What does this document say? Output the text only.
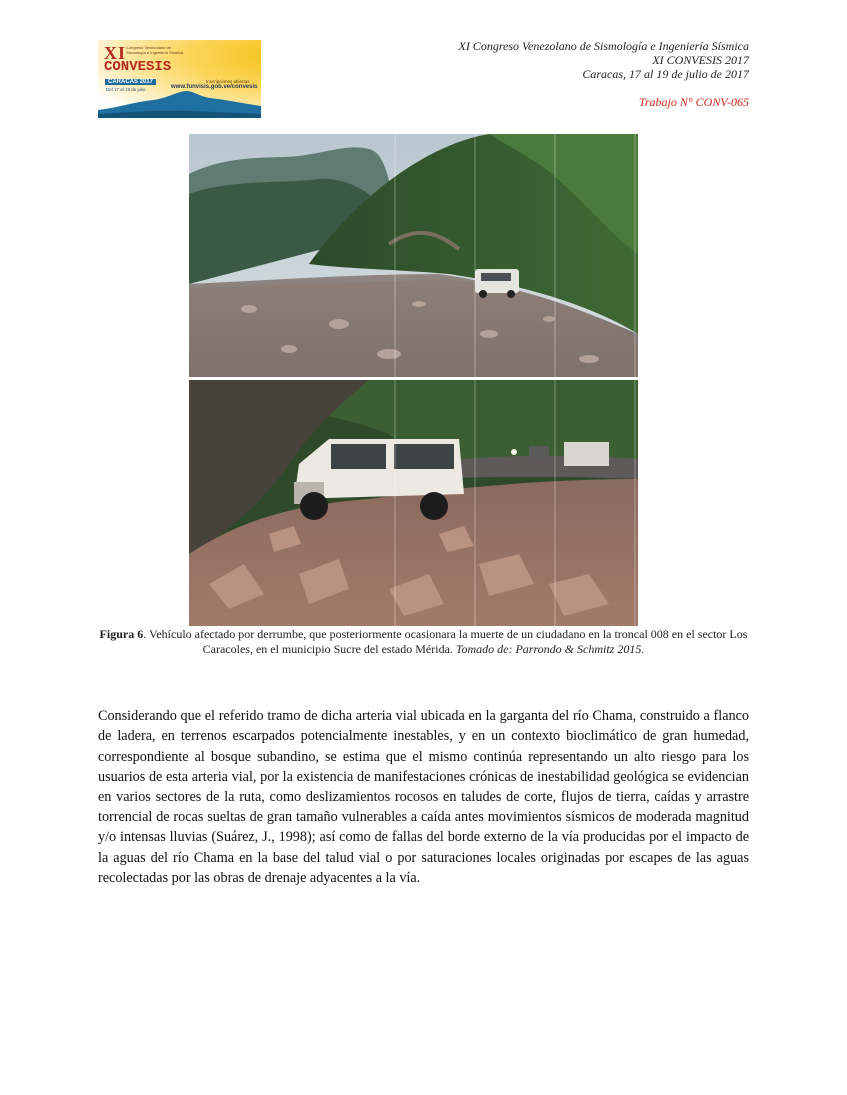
XI Congreso Venezolano de Sismología e Ingeniería Sísmica
CONVESIS
CARACAS 2017
Del 17 al 19 de julio
Inscripciones abiertas
www.funvisis.gob.ve/convesis
XI Congreso Venezolano de Sismología e Ingeniería Sísmica
XI CONVESIS 2017
Caracas, 17 al 19 de julio de 2017
Trabajo N° CONV-065
Figura 6. Vehículo afectado por derrumbe, que posteriormente ocasionara la muerte de un ciudadano en la troncal 008 en el sector Los Caracoles, en el municipio Sucre del estado Mérida. Tomado de: Parrondo & Schmitz 2015.

Considerando que el referido tramo de dicha arteria vial ubicada en la garganta del río Chama, construido a flanco de ladera, en terrenos escarpados potencialmente inestables, y en un contexto bioclimático de gran humedad, correspondiente al bosque subandino, se estima que el mismo continúa representando un alto riesgo para los usuarios de esta arteria vial, por la existencia de manifestaciones crónicas de inestabilidad geológica se evidencian en varios sectores de la ruta, como deslizamientos rocosos en taludes de corte, flujos de tierra, caídas y arrastre torrencial de rocas sueltas de gran tamaño vulnerables a caída antes movimientos sísmicos de moderada magnitud y/o intensas lluvias (Suárez, J., 1998); así como de fallas del borde externo de la vía producidas por el impacto de la aguas del río Chama en la base del talud vial o por saturaciones locales originadas por escapes de las aguas recolectadas por las obras de drenaje adyacentes a la vía.
